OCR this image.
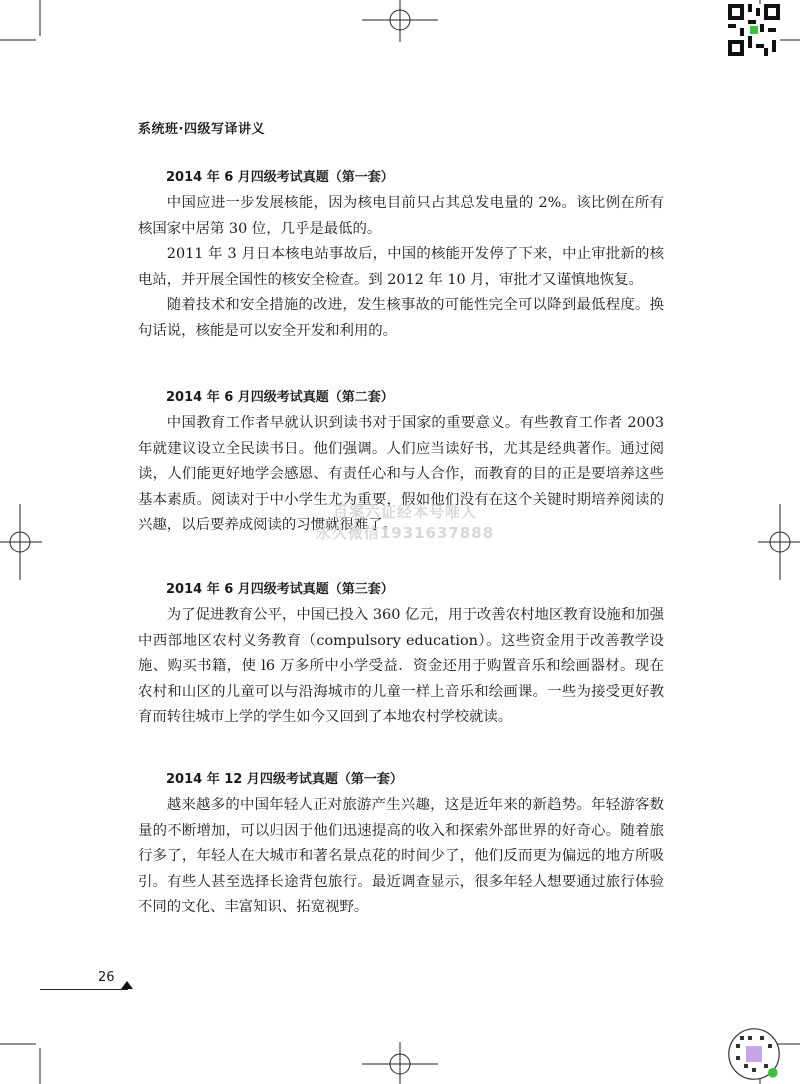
系统班·四级写译讲义
2014 年 6 月四级考试真题（第一套）

中国应进一步发展核能，因为核电目前只占其总发电量的 2%。该比例在所有核国家中居第 30 位，几乎是最低的。

2011 年 3 月日本核电站事故后，中国的核能开发停了下来，中止审批新的核电站，并开展全国性的核安全检查。到 2012 年 10 月，审批才又谨慎地恢复。

随着技术和安全措施的改进，发生核事故的可能性完全可以降到最低程度。换句话说，核能是可以安全开发和利用的。

2014 年 6 月四级考试真题（第二套）

中国教育工作者早就认识到读书对于国家的重要意义。有些教育工作者 2003 年就建议设立全民读书日。他们强调。人们应当读好书，尤其是经典著作。通过阅读，人们能更好地学会感恩、有责任心和与人合作，而教育的目的正是要培养这些基本素质。阅读对于中小学生尤为重要，假如他们没有在这个关键时期培养阅读的兴趣，以后要养成阅读的习惯就很难了。

2014 年 6 月四级考试真题（第三套）

为了促进教育公平，中国已投入 360 亿元，用于改善农村地区教育设施和加强中西部地区农村义务教育（compulsory education）。这些资金用于改善教学设施、购买书籍，使 l6 万多所中小学受益．资金还用于购置音乐和绘画器材。现在农村和山区的儿童可以与沿海城市的儿童一样上音乐和绘画课。一些为接受更好教育而转往城市上学的学生如今又回到了本地农村学校就读。

2014 年 12 月四级考试真题（第一套）

越来越多的中国年轻人正对旅游产生兴趣，这是近年来的新趋势。年轻游客数量的不断增加，可以归因于他们迅速提高的收入和探索外部世界的好奇心。随着旅行多了，年轻人在大城市和著名景点花的时间少了，他们反而更为偏远的地方所吸引。有些人甚至选择长途背包旅行。最近调查显示，很多年轻人想要通过旅行体验不同的文化、丰富知识、拓宽视野。

百案六证经本号唯人
永久微信1931637888
26
